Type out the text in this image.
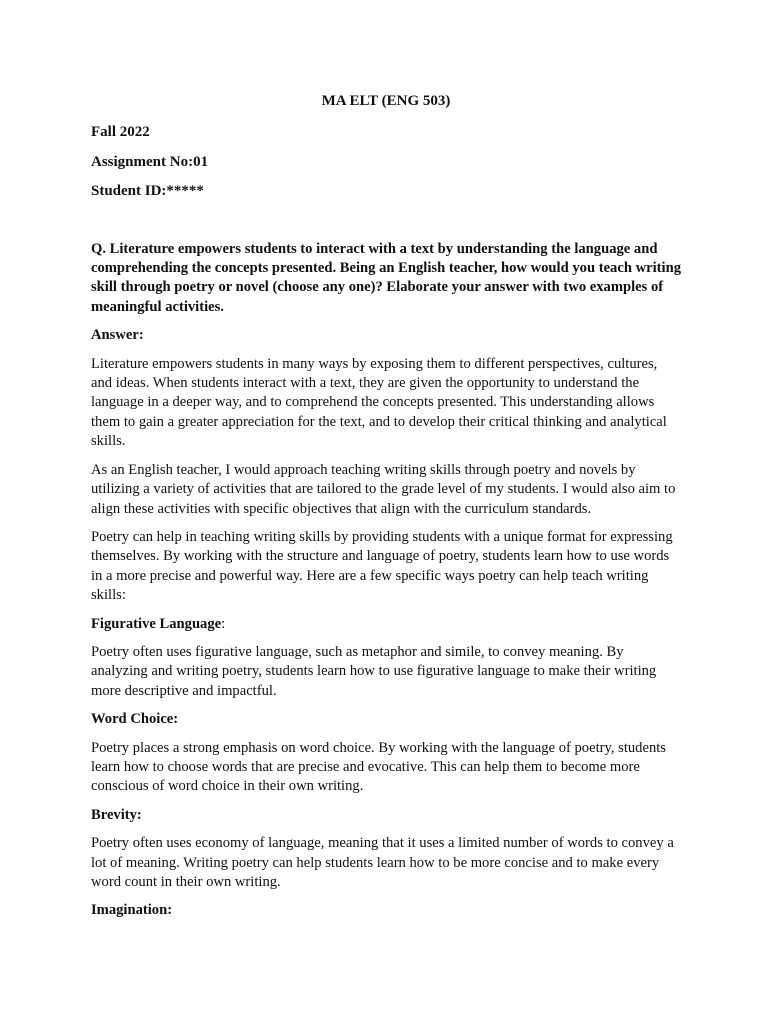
MA ELT (ENG 503)
Fall 2022
Assignment No:01
Student ID:*****

Q. Literature empowers students to interact with a text by understanding the language and comprehending the concepts presented. Being an English teacher, how would you teach writing skill through poetry or novel (choose any one)? Elaborate your answer with two examples of meaningful activities.

Answer:

Literature empowers students in many ways by exposing them to different perspectives, cultures, and ideas. When students interact with a text, they are given the opportunity to understand the language in a deeper way, and to comprehend the concepts presented. This understanding allows them to gain a greater appreciation for the text, and to develop their critical thinking and analytical skills.

As an English teacher, I would approach teaching writing skills through poetry and novels by utilizing a variety of activities that are tailored to the grade level of my students. I would also aim to align these activities with specific objectives that align with the curriculum standards.

Poetry can help in teaching writing skills by providing students with a unique format for expressing themselves. By working with the structure and language of poetry, students learn how to use words in a more precise and powerful way. Here are a few specific ways poetry can help teach writing skills:

Figurative Language:

Poetry often uses figurative language, such as metaphor and simile, to convey meaning. By analyzing and writing poetry, students learn how to use figurative language to make their writing more descriptive and impactful.

Word Choice:

Poetry places a strong emphasis on word choice. By working with the language of poetry, students learn how to choose words that are precise and evocative. This can help them to become more conscious of word choice in their own writing.

Brevity:

Poetry often uses economy of language, meaning that it uses a limited number of words to convey a lot of meaning. Writing poetry can help students learn how to be more concise and to make every word count in their own writing.

Imagination:
